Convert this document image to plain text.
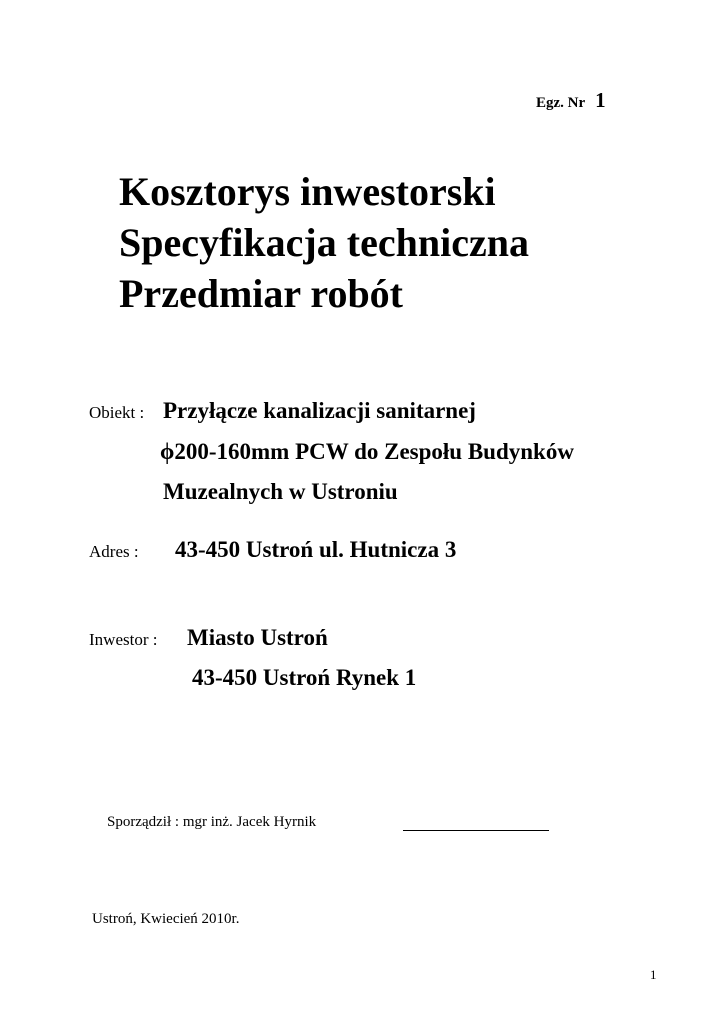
Egz. Nr 1
Kosztorys inwestorski
Specyfikacja techniczna
Przedmiar robót
Obiekt : Przyłącze kanalizacji sanitarnej
ϕ200-160mm PCW do Zespołu Budynków
Muzealnych w Ustroniu
Adres : 43-450 Ustroń ul. Hutnicza 3
Inwestor : Miasto Ustroń
43-450 Ustroń Rynek 1
Sporządził : mgr inż. Jacek Hyrnik
Ustroń, Kwiecień 2010r.
1
